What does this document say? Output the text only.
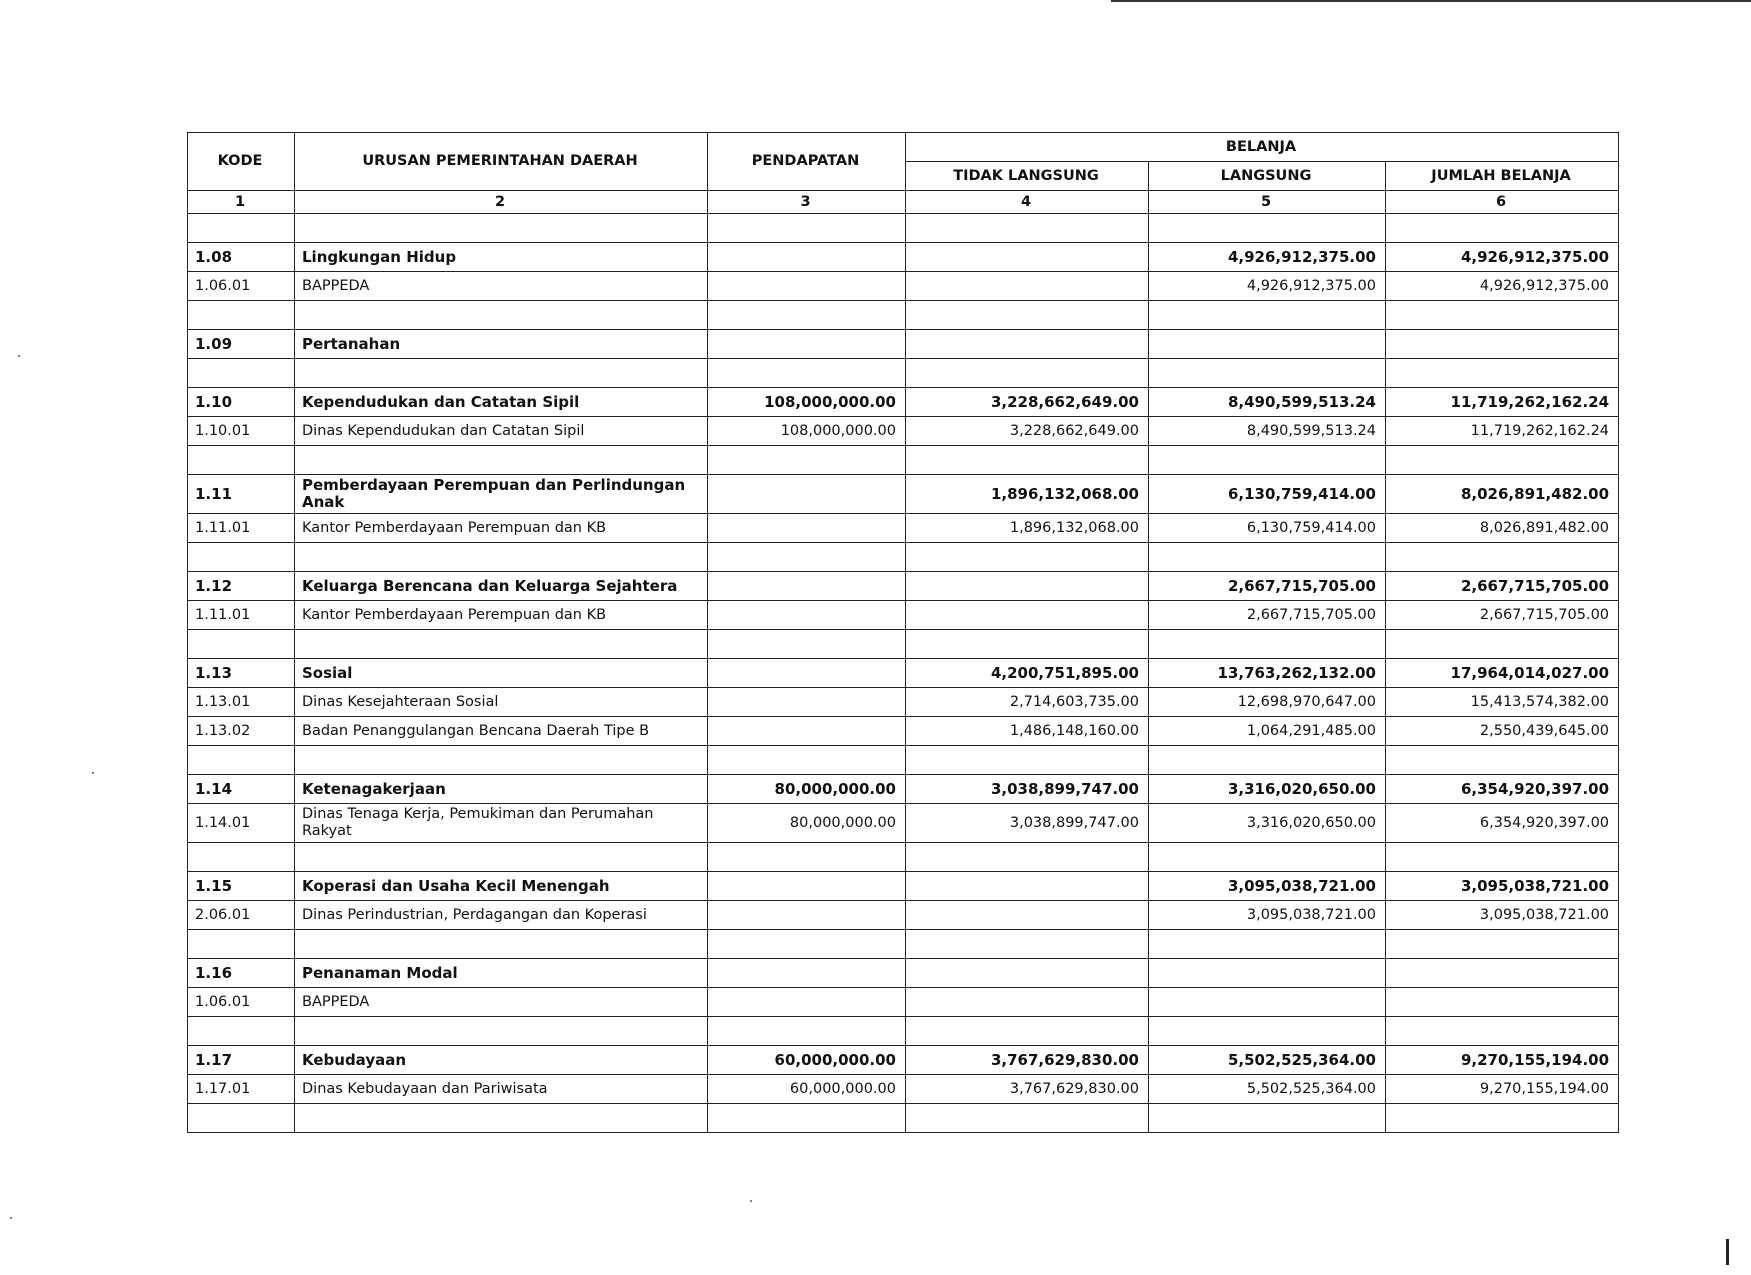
KODE	URUSAN PEMERINTAHAN DAERAH	PENDAPATAN	BELANJA		
			TIDAK LANGSUNG	LANGSUNG	JUMLAH BELANJA
1	2	3	4	5	6

1.08	Lingkungan Hidup			4,926,912,375.00	4,926,912,375.00
1.06.01	BAPPEDA			4,926,912,375.00	4,926,912,375.00

1.09	Pertanahan				

1.10	Kependudukan dan Catatan Sipil	108,000,000.00	3,228,662,649.00	8,490,599,513.24	11,719,262,162.24
1.10.01	Dinas Kependudukan dan Catatan Sipil	108,000,000.00	3,228,662,649.00	8,490,599,513.24	11,719,262,162.24

1.11	Pemberdayaan Perempuan dan Perlindungan Anak		1,896,132,068.00	6,130,759,414.00	8,026,891,482.00
1.11.01	Kantor Pemberdayaan Perempuan dan KB		1,896,132,068.00	6,130,759,414.00	8,026,891,482.00

1.12	Keluarga Berencana dan Keluarga Sejahtera			2,667,715,705.00	2,667,715,705.00
1.11.01	Kantor Pemberdayaan Perempuan dan KB			2,667,715,705.00	2,667,715,705.00

1.13	Sosial		4,200,751,895.00	13,763,262,132.00	17,964,014,027.00
1.13.01	Dinas Kesejahteraan Sosial		2,714,603,735.00	12,698,970,647.00	15,413,574,382.00
1.13.02	Badan Penanggulangan Bencana Daerah Tipe B		1,486,148,160.00	1,064,291,485.00	2,550,439,645.00

1.14	Ketenagakerjaan	80,000,000.00	3,038,899,747.00	3,316,020,650.00	6,354,920,397.00
1.14.01	Dinas Tenaga Kerja, Pemukiman dan Perumahan Rakyat	80,000,000.00	3,038,899,747.00	3,316,020,650.00	6,354,920,397.00

1.15	Koperasi dan Usaha Kecil Menengah			3,095,038,721.00	3,095,038,721.00
2.06.01	Dinas Perindustrian, Perdagangan dan Koperasi			3,095,038,721.00	3,095,038,721.00

1.16	Penanaman Modal				
1.06.01	BAPPEDA				

1.17	Kebudayaan	60,000,000.00	3,767,629,830.00	5,502,525,364.00	9,270,155,194.00
1.17.01	Dinas Kebudayaan dan Pariwisata	60,000,000.00	3,767,629,830.00	5,502,525,364.00	9,270,155,194.00
